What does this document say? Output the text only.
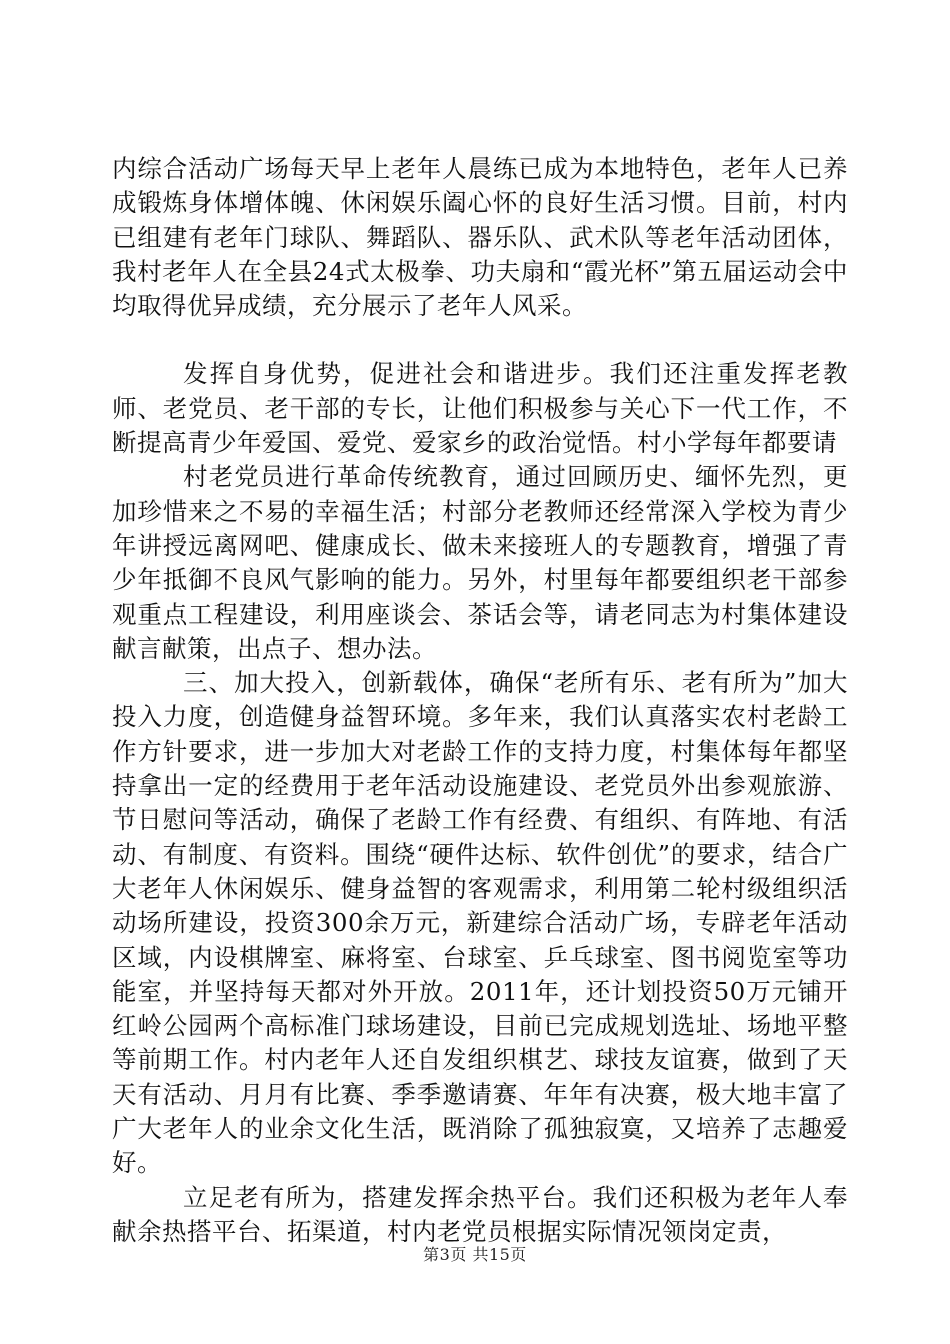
内综合活动广场每天早上老年人晨练已成为本地特色，老年人已养成锻炼身体增体魄、休闲娱乐阖心怀的良好生活习惯。目前，村内已组建有老年门球队、舞蹈队、器乐队、武术队等老年活动团体，我村老年人在全县24式太极拳、功夫扇和“霞光杯”第五届运动会中均取得优异成绩，充分展示了老年人风采。

发挥自身优势，促进社会和谐进步。我们还注重发挥老教师、老党员、老干部的专长，让他们积极参与关心下一代工作，不断提高青少年爱国、爱党、爱家乡的政治觉悟。村小学每年都要请

村老党员进行革命传统教育，通过回顾历史、缅怀先烈，更加珍惜来之不易的幸福生活；村部分老教师还经常深入学校为青少年讲授远离网吧、健康成长、做未来接班人的专题教育，增强了青少年抵御不良风气影响的能力。另外，村里每年都要组织老干部参观重点工程建设，利用座谈会、茶话会等，请老同志为村集体建设献言献策，出点子、想办法。

三、加大投入，创新载体，确保“老所有乐、老有所为”加大投入力度，创造健身益智环境。多年来，我们认真落实农村老龄工作方针要求，进一步加大对老龄工作的支持力度，村集体每年都坚持拿出一定的经费用于老年活动设施建设、老党员外出参观旅游、节日慰问等活动，确保了老龄工作有经费、有组织、有阵地、有活动、有制度、有资料。围绕“硬件达标、软件创优”的要求，结合广大老年人休闲娱乐、健身益智的客观需求，利用第二轮村级组织活动场所建设，投资300余万元，新建综合活动广场，专辟老年活动区域，内设棋牌室、麻将室、台球室、乒乓球室、图书阅览室等功能室，并坚持每天都对外开放。2011年，还计划投资50万元铺开红岭公园两个高标准门球场建设，目前已完成规划选址、场地平整等前期工作。村内老年人还自发组织棋艺、球技友谊赛，做到了天天有活动、月月有比赛、季季邀请赛、年年有决赛，极大地丰富了广大老年人的业余文化生活，既消除了孤独寂寞，又培养了志趣爱好。

立足老有所为，搭建发挥余热平台。我们还积极为老年人奉献余热搭平台、拓渠道，村内老党员根据实际情况领岗定责，

第3页 共15页
